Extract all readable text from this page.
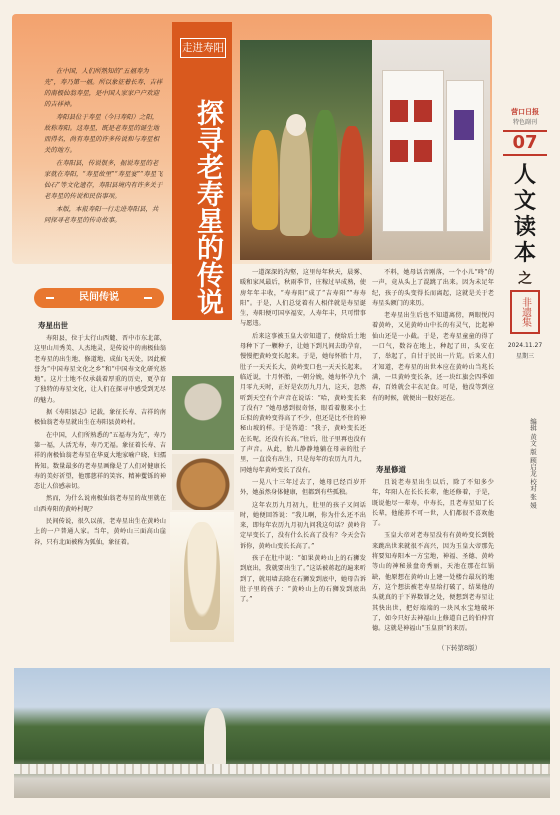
在中国，人们所熟知的“五福寿为先”，寿乃第一福。所以象征着长寿、吉祥的南极仙翁寿星，是中国人家家户户欢迎的吉祥神。

寿阳县位于寿星（今曰寿阳）之阳，故称寿阳。这寿星，既是老寿星的诞生地而得名，尚有寿星的许多传说和与寿星相关的地方。

在寿阳县，传说很多，据说寿星的老家就在寿阳，“寿星故里”“寿星宴”“寿星飞仙石”等文化遗存，寿阳县境内有许多关于老寿星的传说和民俗事项。

本版，本报寿阳一行走进寿阳县，共同探寻老寿星的传奇故事。

走进寿阳
探寻老寿星的传说	营口日报
特色副刊
07
人文读本
之
非遗集
2024.11.27
星期三
编辑 黄文 版 顾启龙 校对 张 媛
民间传说
寿星出世

寿阳县，位于太行山西麓、晋中市东北部，这里山川秀美、人杰地灵，是传说中的南极仙翁老寿星的出生地、修道地、成仙飞天处，因此被誉为“中国寿星文化之乡”和“中国寿文化研究基地”。这片土地不仅承载着厚重的历史，更孕育了独特的寿星文化，让人们在探寻中感受到无尽的魅力。

据《寿阳县志》记载，象征长寿、吉祥的南极仙翁老寿星就出生在寿阳县黄岭村。

在中国，人们所熟悉的“五福寿为先”，寿乃第一福，人活无寿，寿乃无福。象征着长寿、吉祥的南极仙翁老寿星在华夏大地家喻户晓、妇孺皆知。数量最多的老寿星画像是了人们对健康长寿的美好祈望，他那慈祥的笑容、精神矍铄的神态让人倍感亲切。

然而，为什么说南极仙翁老寿星的故里就在山西寿阳的黄岭村呢？

民间传说，很久以前，老寿星出生在黄岭山上的一户普通人家。当年，黄岭山三面高山崖谷，只有北面被称为狐仙，象征着。

一道深深的沟壑，这里每年秋天，晨雾、暖和家风最后，秋雨季节，庄稼过早成熟，使房年年丰收，“寿寿阳”成了“吉寿阳”“寿寿阳”。于是，人们总觉着有人相伴就是寿星诞生，寿阳便可国享福安，人寿年丰，只可惜事与愿违。

后来这事被玉皇大帝知道了，便给后土地母种下了一颗种子，让她下到凡间去助孕育，慢慢把黄岭变长起来。于是，她每怀胎十月，肚子一天天长大，黄岭变口也一天天长起来。临近说，十月怀胎，一朝分娩，她每怀孕九个月零九天时，正好是农历九月九，这天，忽然听到天空有个声音在说话：“哈，黄岭变长来了没有？”她母感到很奇怪，眼看着腹来小土丘似的黄岭变得高了不少，但还是比不住的神秘山坡的样。于是答道：“我子，黄岭变长还在长呢，还没有长高。”往后，肚子里再也没有了声音。从此，胎儿静静地躺在母亲的肚子里，一直没有出生，只是每年的农历九月九，同她每年黄岭变长了没有。

一晃八十三年过去了，她母已经百岁开外，她虽然身体健康，但都到有些孤独。

这年农历九月初九，肚里的孩子又问话时，她便回答说：“我儿啊，你为什么还不出来，即每年农历九月初九问我这句话？黄岭肯定早变长了，没有什么长高了没有？今天会告诉你，黄岭山变长长高了。”

孩子在肚中说：“如果黄岭山上的石狮发到底出，我就要出生了。”这话被蒋起的遍来听到了，就用墙去除在石狮发到底中，她母告诉肚子里的孩子：“黄岭山上的石狮发到底出了。”

不料，她母话音刚落，一个小儿“咚”的一声，竟从头上了混跳了出来。因为未足年纪，孩子的头变得长而离起，这就是关于老寿星头额门的来历。

老寿星出生后也不知道离傍，两眼悦闪着黄岭，又见黄岭山中长的有灵气，比起神仙山还是一小截。于是，老寿星童童的得了一口气，数谷在地上，种起了田，头安在了，举起了，自甘于民出一片荒。后来人们才知道，老寿星的出世本应在黄岭山当兆长满，一旦黄岭变长条，还一块红旗会四季如春，百姓就会丰衣足食。可是，他没等到应有的时候，就便出一股好运在。

寿星修道

且说老寿星出生以后，除了不知多少年，年阳人在长长长辈，他还修着，于是，既说他尽一辈寿，中寿长，且老寿星知了长长辈，他能养不可一世，人们都很不喜欢他了。

玉皇大帝对老寿星没有有黄岭变长到脱来跳出世来就很不高兴，因为玉皇大帝那先将要知寿阳本一方宝地，神福、圣德、黄岭等山的神秘景盘奇秀丽，天池在那在红锅缺，他原想在黄岭山上建一处楼台最玩的地方，这个想法被老寿星给打破了，结果他的头就真的于下界数罪之处，便想到老寿星让其快出世，把好端端的一块风水宝地破坏了，如今只好去神福山上修道自己的伯仲宫德。这就是神福山“玉皇顶”的来历。

（下转第8版）
